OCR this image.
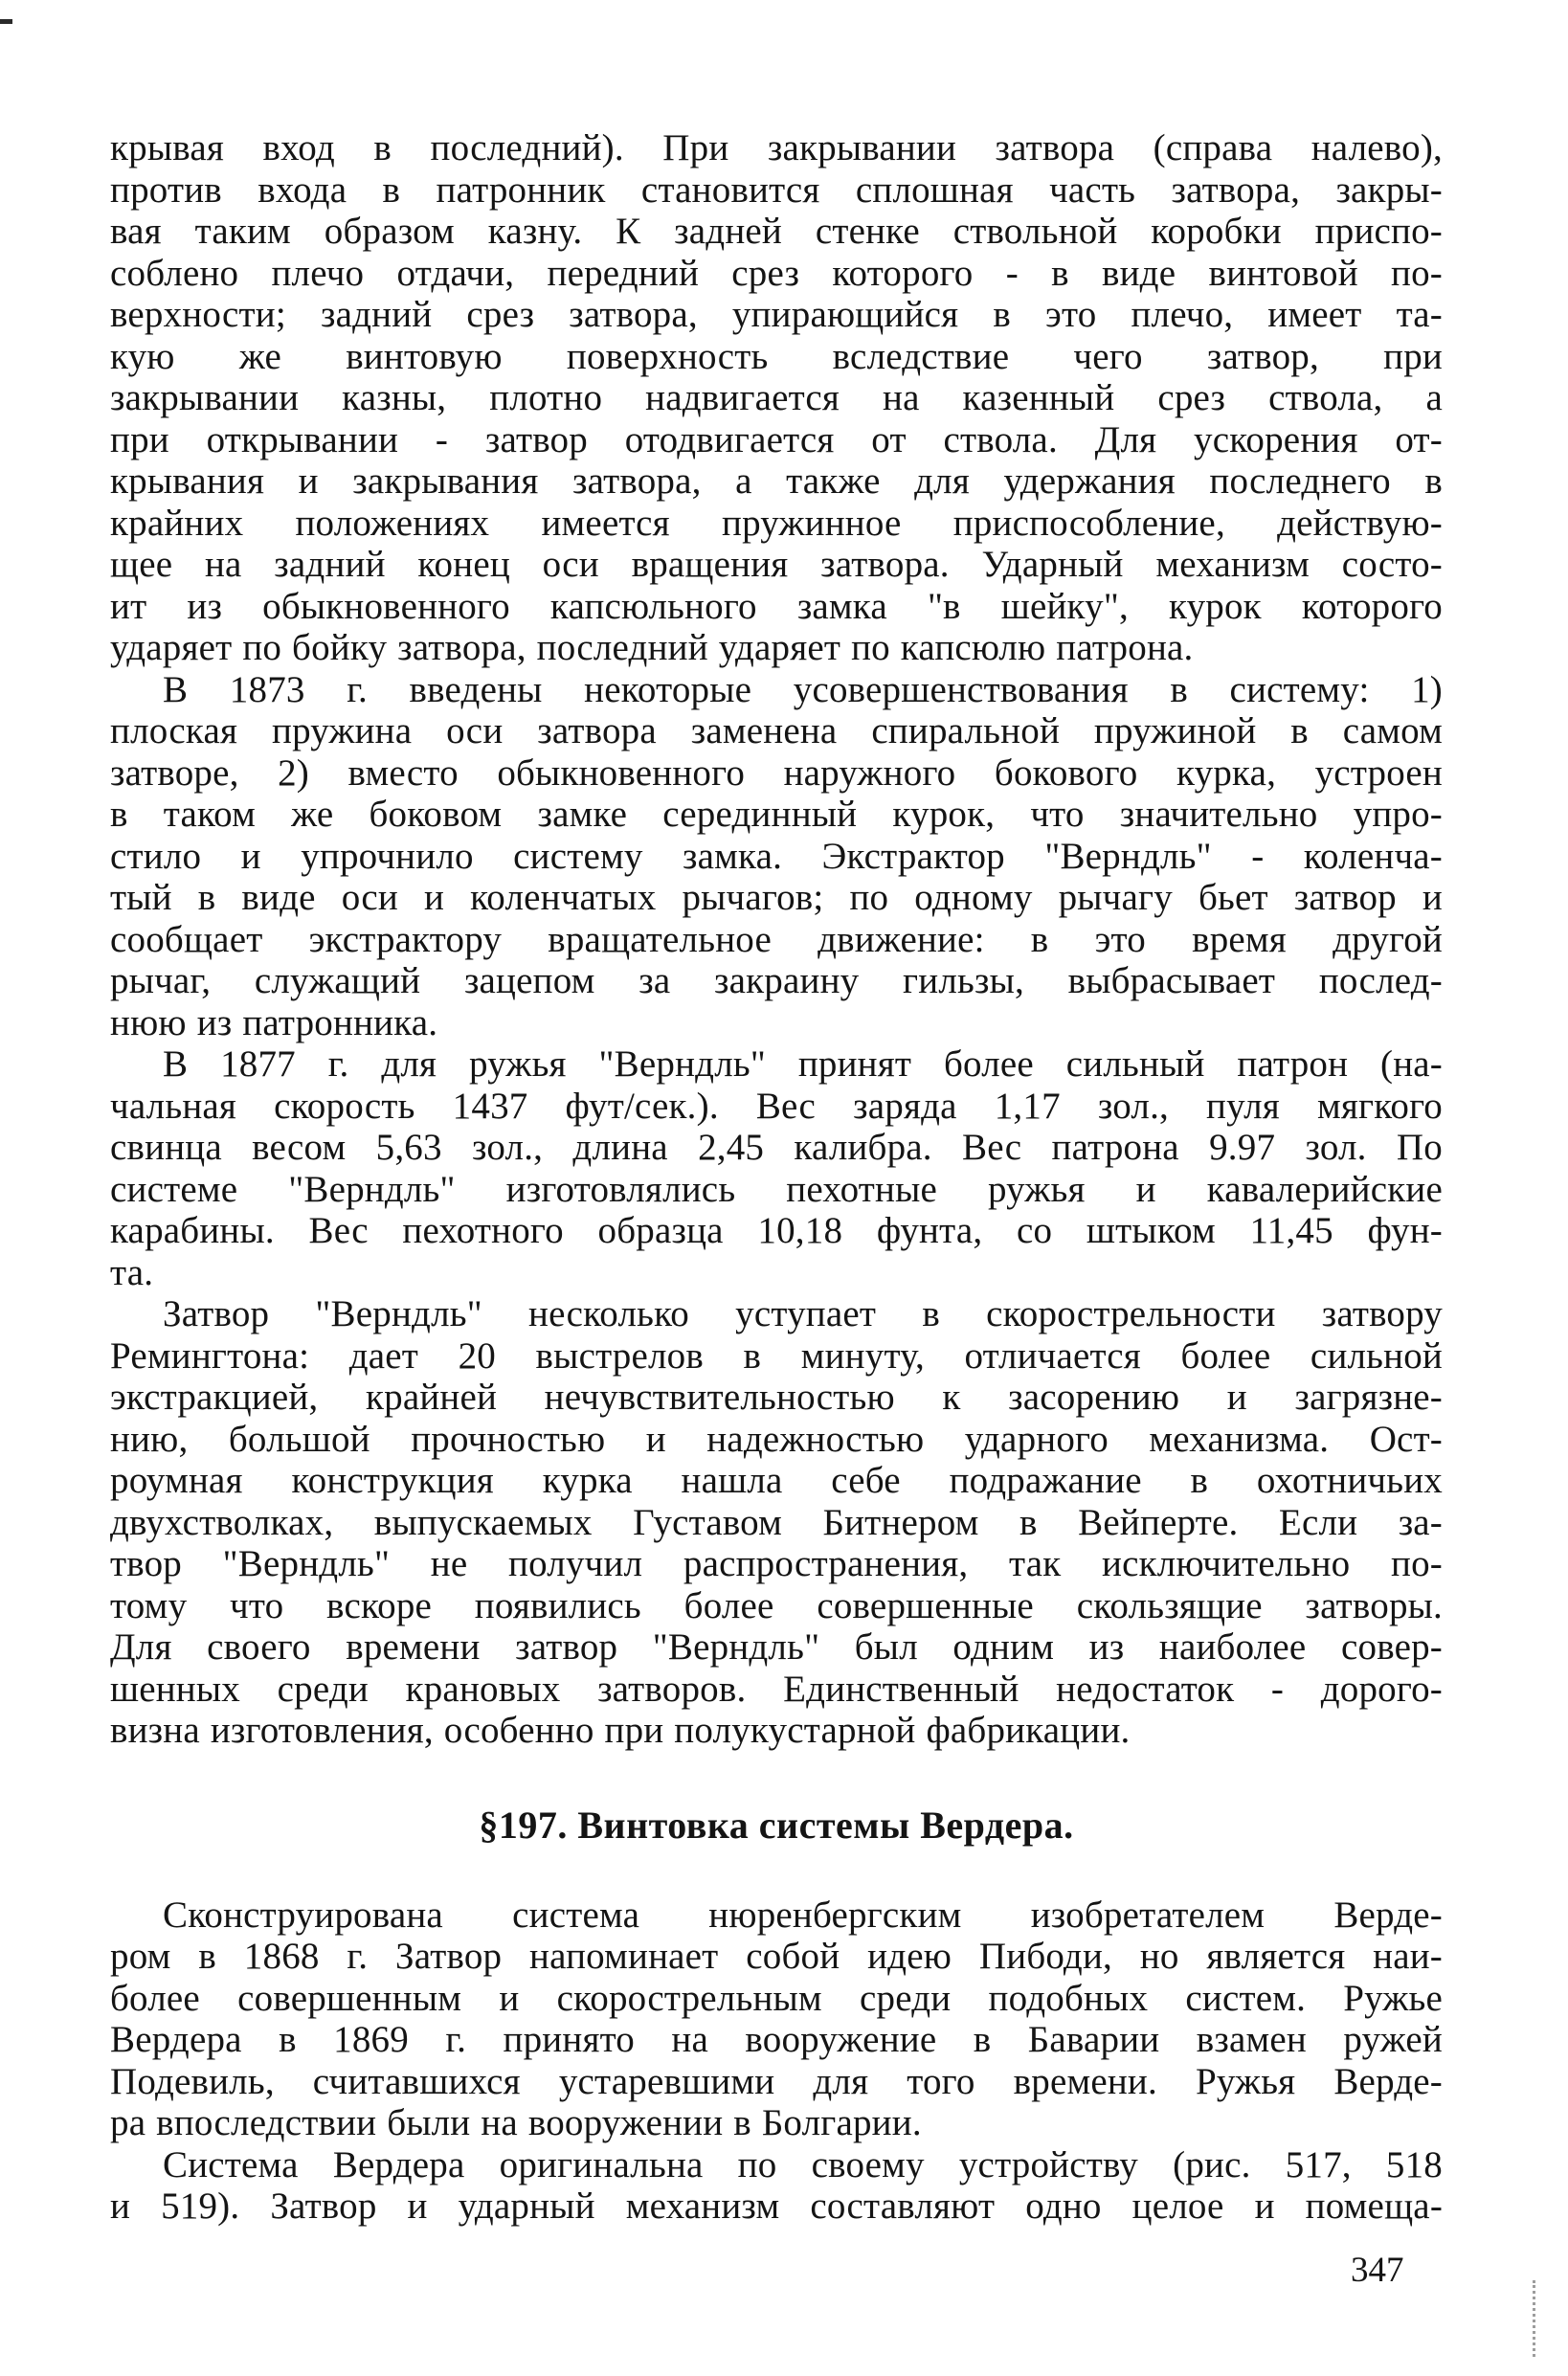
крывая вход в последний). При закрывании затвора (справа налево),
против входа в патронник становится сплошная часть затвора, закры-
вая таким образом казну. К задней стенке ствольной коробки приспо-
соблено плечо отдачи, передний срез которого - в виде винтовой по-
верхности; задний срез затвора, упирающийся в это плечо, имеет та-
кую же винтовую поверхность вследствие чего затвор, при
закрывании казны, плотно надвигается на казенный срез ствола, а
при открывании - затвор отодвигается от ствола. Для ускорения от-
крывания и закрывания затвора, а также для удержания последнего в
крайних положениях имеется пружинное приспособление, действую-
щее на задний конец оси вращения затвора. Ударный механизм состо-
ит из обыкновенного капсюльного замка "в шейку", курок которого
ударяет по бойку затвора, последний ударяет по капсюлю патрона.
В 1873 г. введены некоторые усовершенствования в систему: 1)
плоская пружина оси затвора заменена спиральной пружиной в самом
затворе, 2) вместо обыкновенного наружного бокового курка, устроен
в таком же боковом замке серединный курок, что значительно упро-
стило и упрочнило систему замка. Экстрактор "Верндль" - коленча-
тый в виде оси и коленчатых рычагов; по одному рычагу бьет затвор и
сообщает экстрактору вращательное движение: в это время другой
рычаг, служащий зацепом за закраину гильзы, выбрасывает послед-
нюю из патронника.
В 1877 г. для ружья "Верндль" принят более сильный патрон (на-
чальная скорость 1437 фут/сек.). Вес заряда 1,17 зол., пуля мягкого
свинца весом 5,63 зол., длина 2,45 калибра. Вес патрона 9.97 зол. По
системе "Верндль" изготовлялись пехотные ружья и кавалерийские
карабины. Вес пехотного образца 10,18 фунта, со штыком 11,45 фун-
та.
Затвор "Верндль" несколько уступает в скорострельности затвору
Ремингтона: дает 20 выстрелов в минуту, отличается более сильной
экстракцией, крайней нечувствительностью к засорению и загрязне-
нию, большой прочностью и надежностью ударного механизма. Ост-
роумная конструкция курка нашла себе подражание в охотничьих
двухстволках, выпускаемых Густавом Битнером в Вейперте. Если за-
твор "Верндль" не получил распространения, так исключительно по-
тому что вскоре появились более совершенные скользящие затворы.
Для своего времени затвор "Верндль" был одним из наиболее совер-
шенных среди крановых затворов. Единственный недостаток - дорого-
визна изготовления, особенно при полукустарной фабрикации.
§197. Винтовка системы Вердера.
Сконструирована система нюренбергским изобретателем Верде-
ром в 1868 г. Затвор напоминает собой идею Пибоди, но является наи-
более совершенным и скорострельным среди подобных систем. Ружье
Вердера в 1869 г. принято на вооружение в Баварии взамен ружей
Подевиль, считавшихся устаревшими для того времени. Ружья Верде-
ра впоследствии были на вооружении в Болгарии.
Система Вердера оригинальна по своему устройству (рис. 517, 518
и 519). Затвор и ударный механизм составляют одно целое и помеща-
347
